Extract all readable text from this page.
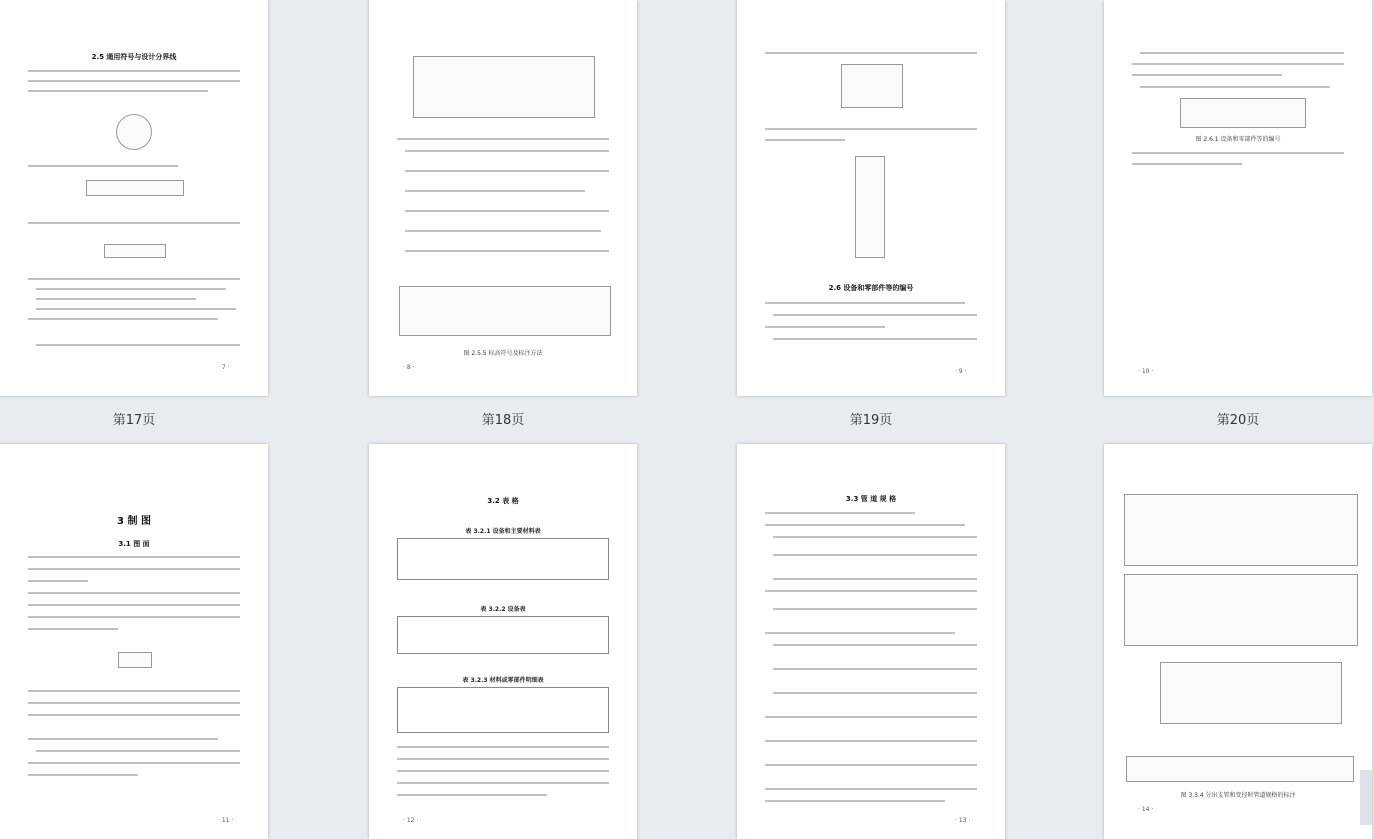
2.5 通用符号与设计分界线
· 7 ·
第17页
图 2.5.5 标高符号及标注方法
· 8 ·
第18页
2.6 设备和零部件等的编号
· 9 ·
第19页
图 2.6.1 设备和零部件等的编号
· 10 ·
第20页
3 制 图
3.1 图 面
· 11 ·
3.2 表 格
表 3.2.1 设备和主要材料表
表 3.2.2 设备表
表 3.2.3 材料或零部件明细表
· 12 ·
3.3 管 道 规 格
· 13 ·
图 3.3.4 分出支管和变径时管道规格的标注
· 14 ·
